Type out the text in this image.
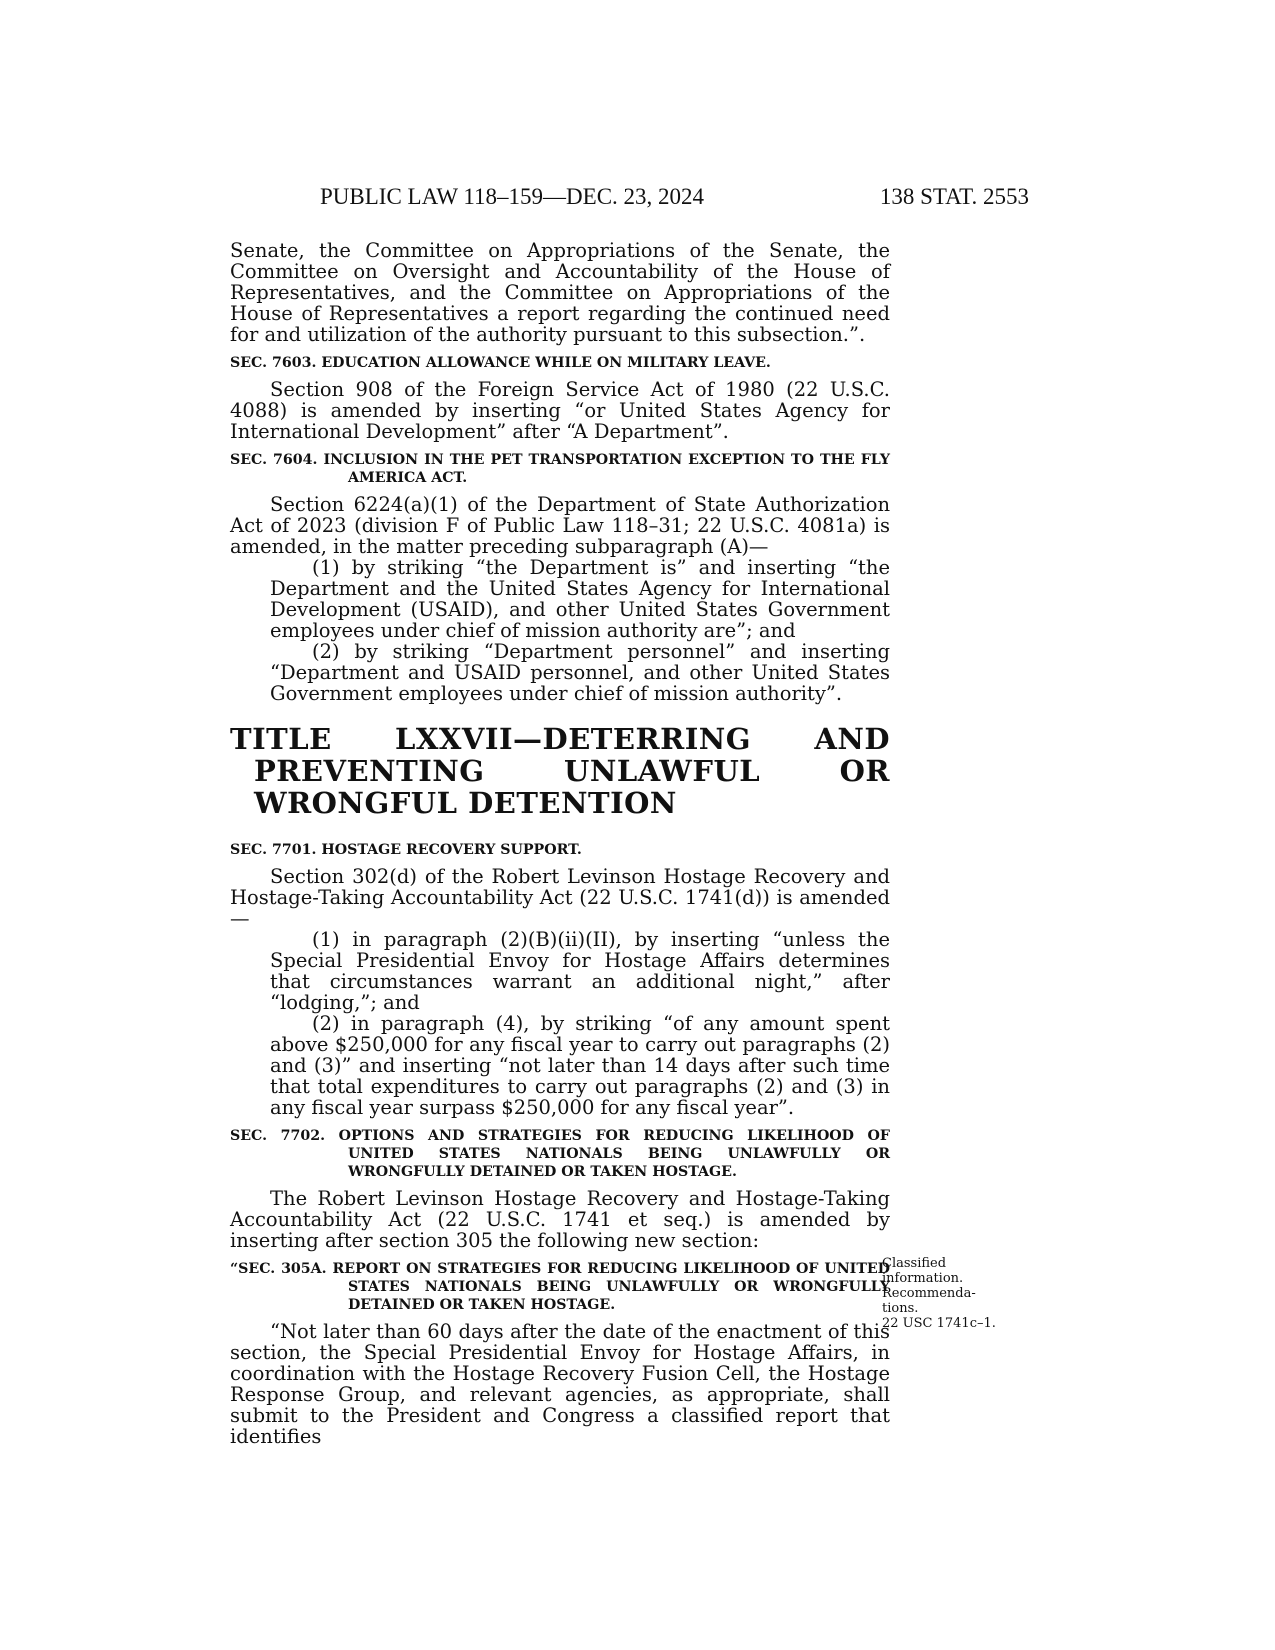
PUBLIC LAW 118–159—DEC. 23, 2024	138 STAT. 2553

Senate, the Committee on Appropriations of the Senate, the Committee on Oversight and Accountability of the House of Representatives, and the Committee on Appropriations of the House of Representatives a report regarding the continued need for and utilization of the authority pursuant to this subsection.”.

SEC. 7603. EDUCATION ALLOWANCE WHILE ON MILITARY LEAVE.

Section 908 of the Foreign Service Act of 1980 (22 U.S.C. 4088) is amended by inserting “or United States Agency for International Development” after “A Department”.

SEC. 7604. INCLUSION IN THE PET TRANSPORTATION EXCEPTION TO THE FLY AMERICA ACT.

Section 6224(a)(1) of the Department of State Authorization Act of 2023 (division F of Public Law 118–31; 22 U.S.C. 4081a) is amended, in the matter preceding subparagraph (A)—

(1) by striking “the Department is” and inserting “the Department and the United States Agency for International Development (USAID), and other United States Government employees under chief of mission authority are”; and

(2) by striking “Department personnel” and inserting “Department and USAID personnel, and other United States Government employees under chief of mission authority”.

TITLE LXXVII—DETERRING AND PREVENTING UNLAWFUL OR WRONGFUL DETENTION
SEC. 7701. HOSTAGE RECOVERY SUPPORT.

Section 302(d) of the Robert Levinson Hostage Recovery and Hostage-Taking Accountability Act (22 U.S.C. 1741(d)) is amended—

(1) in paragraph (2)(B)(ii)(II), by inserting “unless the Special Presidential Envoy for Hostage Affairs determines that circumstances warrant an additional night,” after “lodging,”; and

(2) in paragraph (4), by striking “of any amount spent above $250,000 for any fiscal year to carry out paragraphs (2) and (3)” and inserting “not later than 14 days after such time that total expenditures to carry out paragraphs (2) and (3) in any fiscal year surpass $250,000 for any fiscal year”.

SEC. 7702. OPTIONS AND STRATEGIES FOR REDUCING LIKELIHOOD OF UNITED STATES NATIONALS BEING UNLAWFULLY OR WRONGFULLY DETAINED OR TAKEN HOSTAGE.

The Robert Levinson Hostage Recovery and Hostage-Taking Accountability Act (22 U.S.C. 1741 et seq.) is amended by inserting after section 305 the following new section:

“SEC. 305A. REPORT ON STRATEGIES FOR REDUCING LIKELIHOOD OF UNITED STATES NATIONALS BEING UNLAWFULLY OR WRONGFULLY DETAINED OR TAKEN HOSTAGE.

“Not later than 60 days after the date of the enactment of this section, the Special Presidential Envoy for Hostage Affairs, in coordination with the Hostage Recovery Fusion Cell, the Hostage Response Group, and relevant agencies, as appropriate, shall submit to the President and Congress a classified report that identifies

Classified
information.
Recommenda-
tions.
22 USC 1741c–1.
